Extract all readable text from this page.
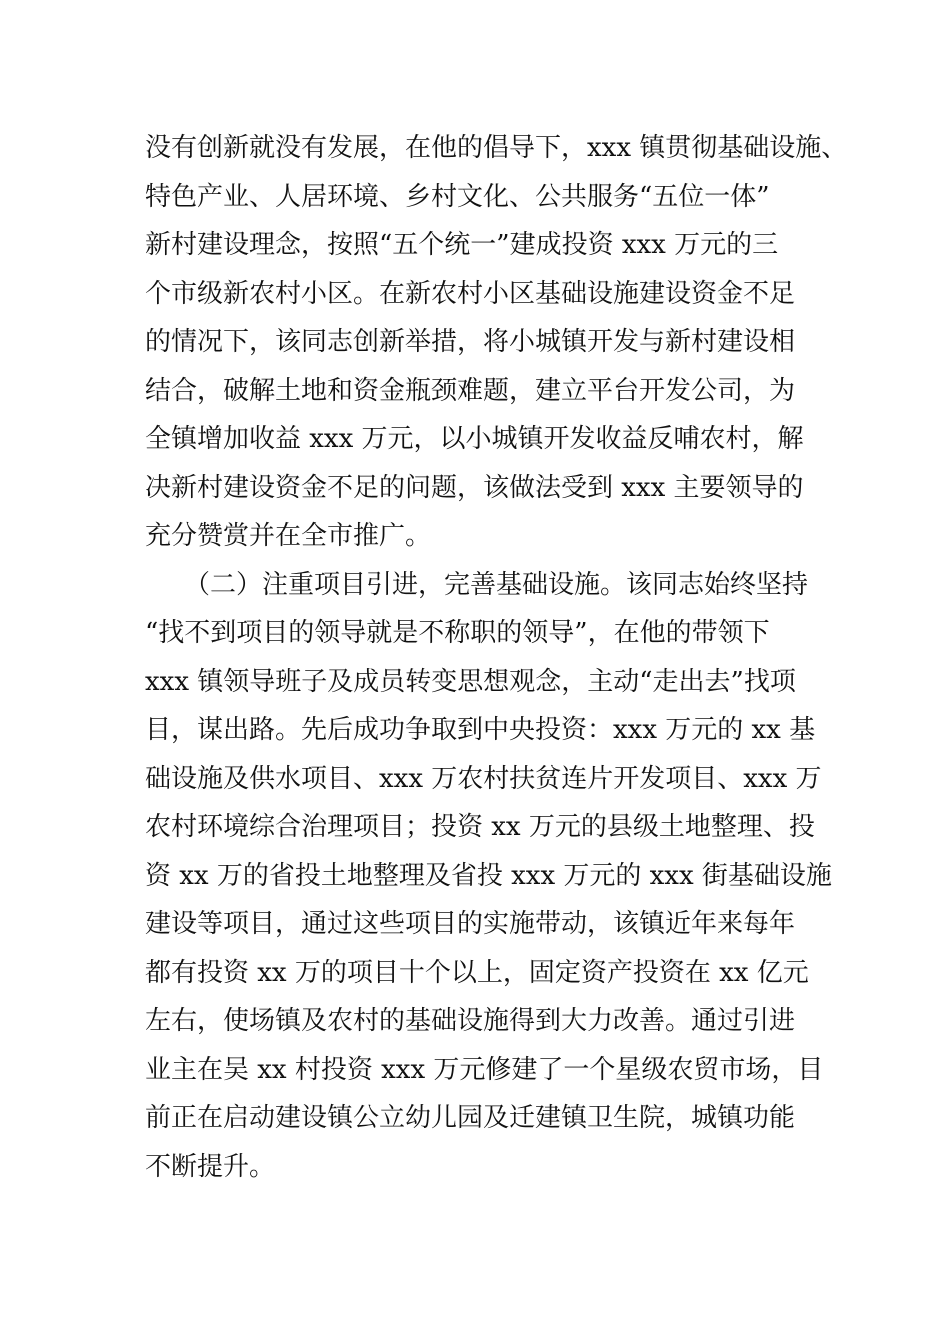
没有创新就没有发展，在他的倡导下，xxx 镇贯彻基础设施、
特色产业、人居环境、乡村文化、公共服务“五位一体”
新村建设理念，按照“五个统一”建成投资 xxx 万元的三
个市级新农村小区。在新农村小区基础设施建设资金不足
的情况下，该同志创新举措，将小城镇开发与新村建设相
结合，破解土地和资金瓶颈难题，建立平台开发公司，为
全镇增加收益 xxx 万元，以小城镇开发收益反哺农村，解
决新村建设资金不足的问题，该做法受到 xxx 主要领导的
充分赞赏并在全市推广。
　　（二）注重项目引进，完善基础设施。该同志始终坚持
“找不到项目的领导就是不称职的领导”，在他的带领下
xxx 镇领导班子及成员转变思想观念，主动“走出去”找项
目，谋出路。先后成功争取到中央投资：xxx 万元的 xx 基
础设施及供水项目、xxx 万农村扶贫连片开发项目、xxx 万
农村环境综合治理项目；投资 xx 万元的县级土地整理、投
资 xx 万的省投土地整理及省投 xxx 万元的 xxx 街基础设施
建设等项目，通过这些项目的实施带动，该镇近年来每年
都有投资 xx 万的项目十个以上，固定资产投资在 xx 亿元
左右，使场镇及农村的基础设施得到大力改善。通过引进
业主在吴 xx 村投资 xxx 万元修建了一个星级农贸市场，目
前正在启动建设镇公立幼儿园及迁建镇卫生院，城镇功能
不断提升。
